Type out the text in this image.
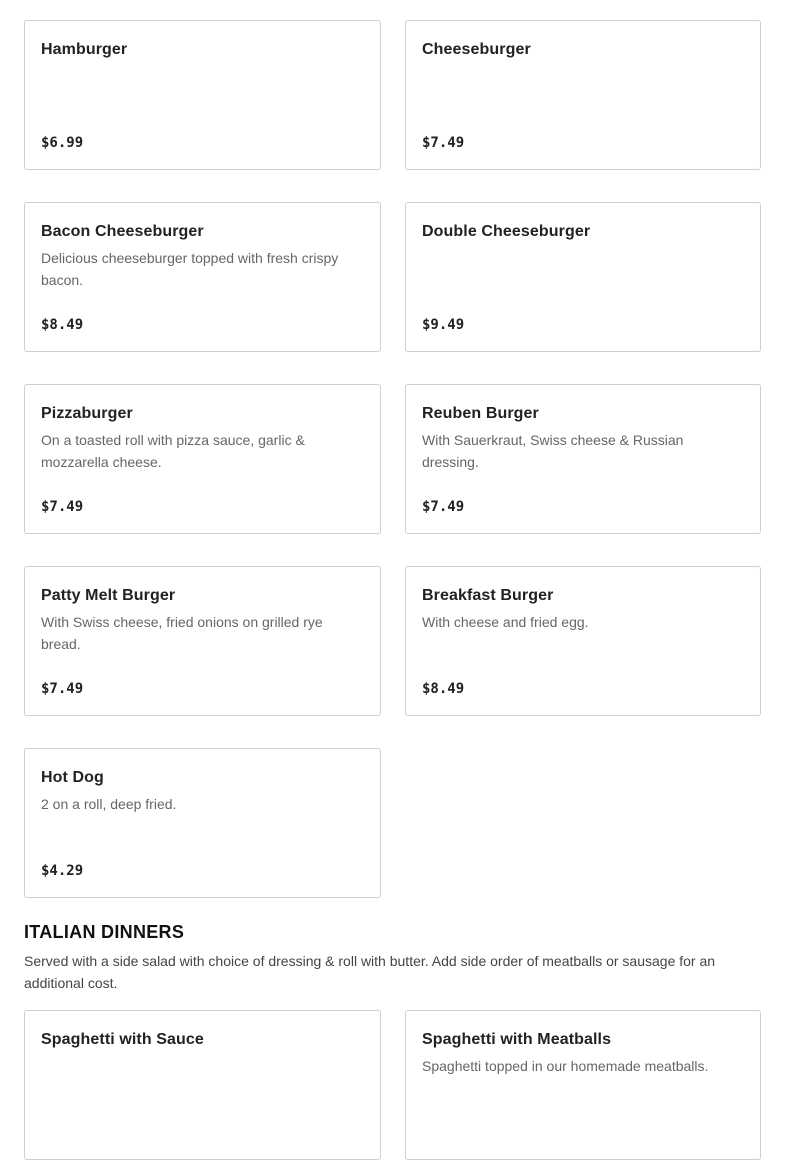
Hamburger
$6.99
Cheeseburger
$7.49
Bacon Cheeseburger
Delicious cheeseburger topped with fresh crispy bacon.
$8.49
Double Cheeseburger
$9.49
Pizzaburger
On a toasted roll with pizza sauce, garlic & mozzarella cheese.
$7.49
Reuben Burger
With Sauerkraut, Swiss cheese & Russian dressing.
$7.49
Patty Melt Burger
With Swiss cheese, fried onions on grilled rye bread.
$7.49
Breakfast Burger
With cheese and fried egg.
$8.49
Hot Dog
2 on a roll, deep fried.
$4.29
ITALIAN DINNERS
Served with a side salad with choice of dressing & roll with butter. Add side order of meatballs or sausage for an additional cost.
Spaghetti with Sauce	Spaghetti with Meatballs
Spaghetti topped in our homemade meatballs.
